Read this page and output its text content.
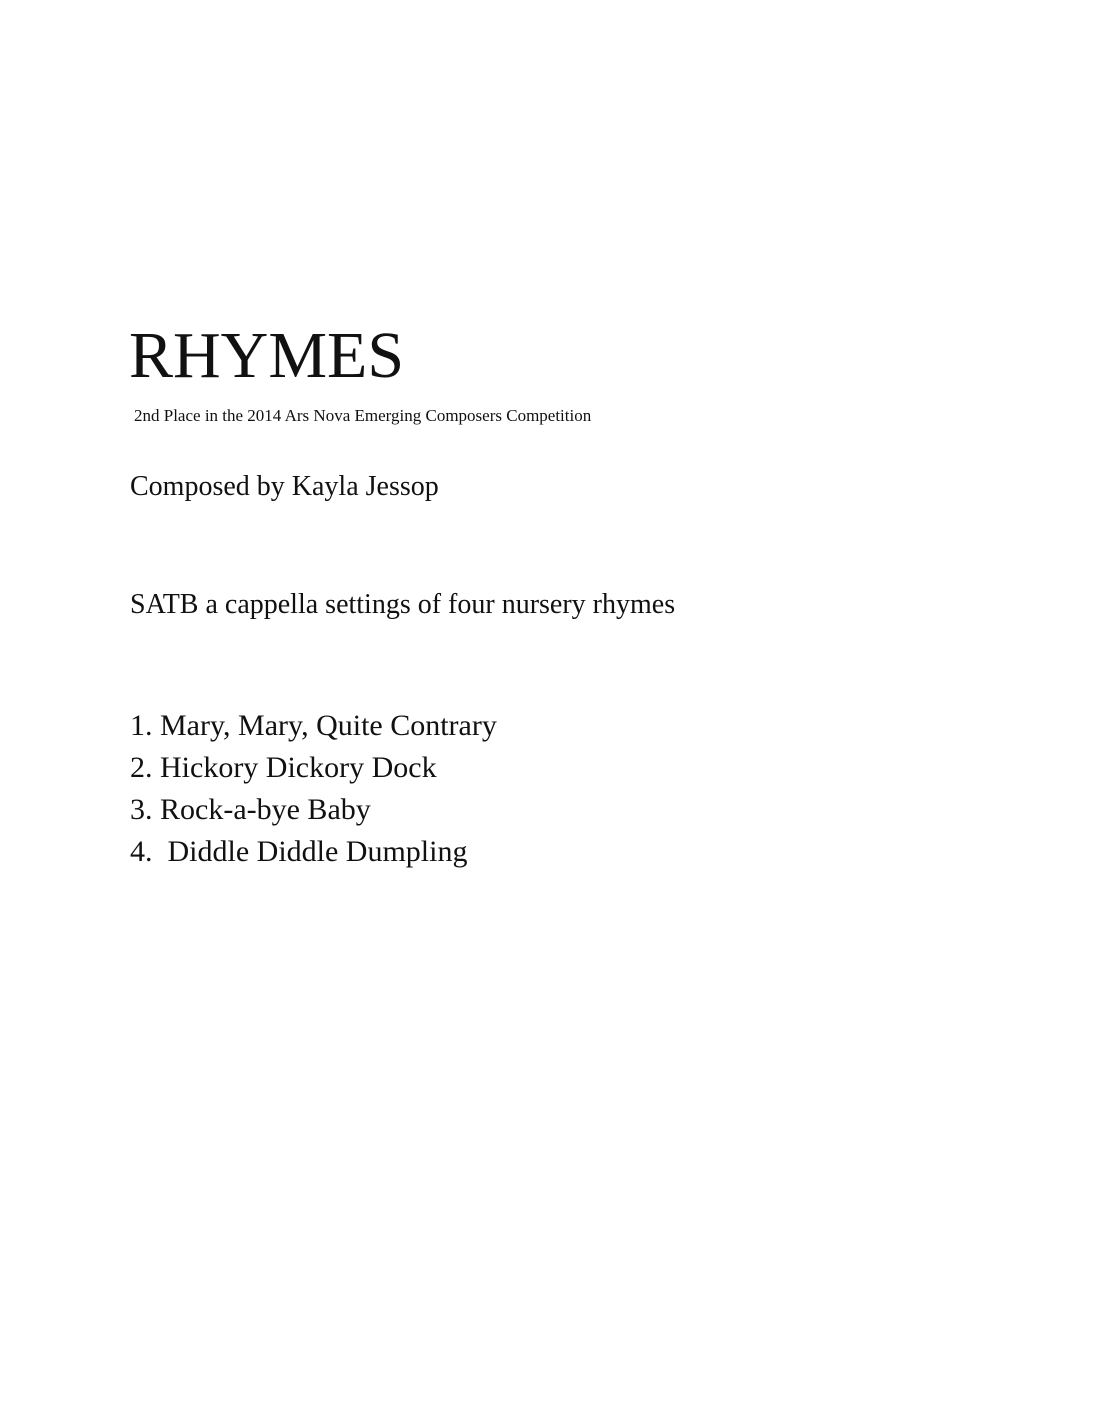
RHYMES
2nd Place in the 2014 Ars Nova Emerging Composers Competition
Composed by Kayla Jessop
SATB a cappella settings of four nursery rhymes
1. Mary, Mary, Quite Contrary
2. Hickory Dickory Dock
3. Rock-a-bye Baby
4.  Diddle Diddle Dumpling
